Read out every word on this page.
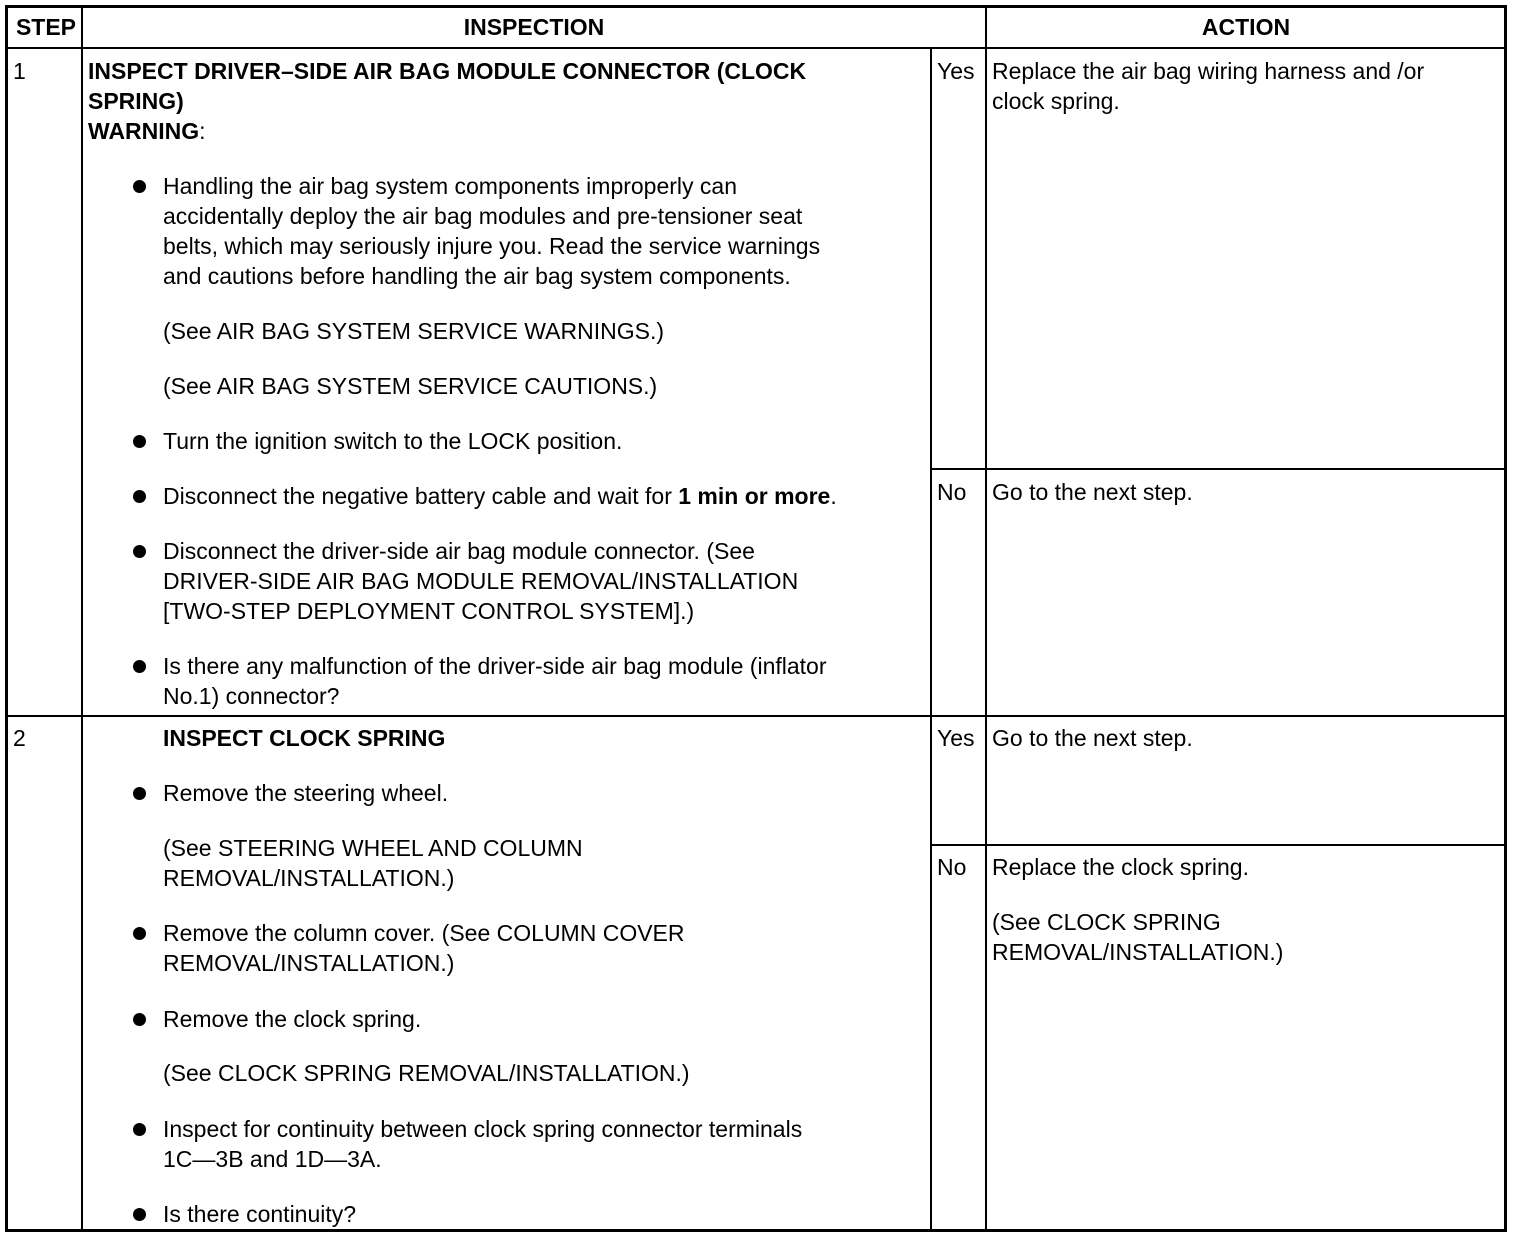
STEP	INSPECTION	ACTION
1	INSPECT DRIVER–SIDE AIR BAG MODULE CONNECTOR (CLOCK
SPRING)
WARNING:
Handling the air bag system components improperly can
accidentally deploy the air bag modules and pre-tensioner seat
belts, which may seriously injure you. Read the service warnings
and cautions before handling the air bag system components.
(See AIR BAG SYSTEM SERVICE WARNINGS.)
(See AIR BAG SYSTEM SERVICE CAUTIONS.)
Turn the ignition switch to the LOCK position.
Disconnect the negative battery cable and wait for 1 min or more.
Disconnect the driver-side air bag module connector. (See
DRIVER-SIDE AIR BAG MODULE REMOVAL/INSTALLATION
[TWO-STEP DEPLOYMENT CONTROL SYSTEM].)
Is there any malfunction of the driver-side air bag module (inflator
No.1) connector?
Yes Replace the air bag wiring harness and /or
clock spring.
No Go to the next step.
2	INSPECT CLOCK SPRING
Remove the steering wheel.
(See STEERING WHEEL AND COLUMN
REMOVAL/INSTALLATION.)
Remove the column cover. (See COLUMN COVER
REMOVAL/INSTALLATION.)
Remove the clock spring.
(See CLOCK SPRING REMOVAL/INSTALLATION.)
Inspect for continuity between clock spring connector terminals
1C—3B and 1D—3A.
Is there continuity?
Yes Go to the next step.
No Replace the clock spring.
(See CLOCK SPRING
REMOVAL/INSTALLATION.)
